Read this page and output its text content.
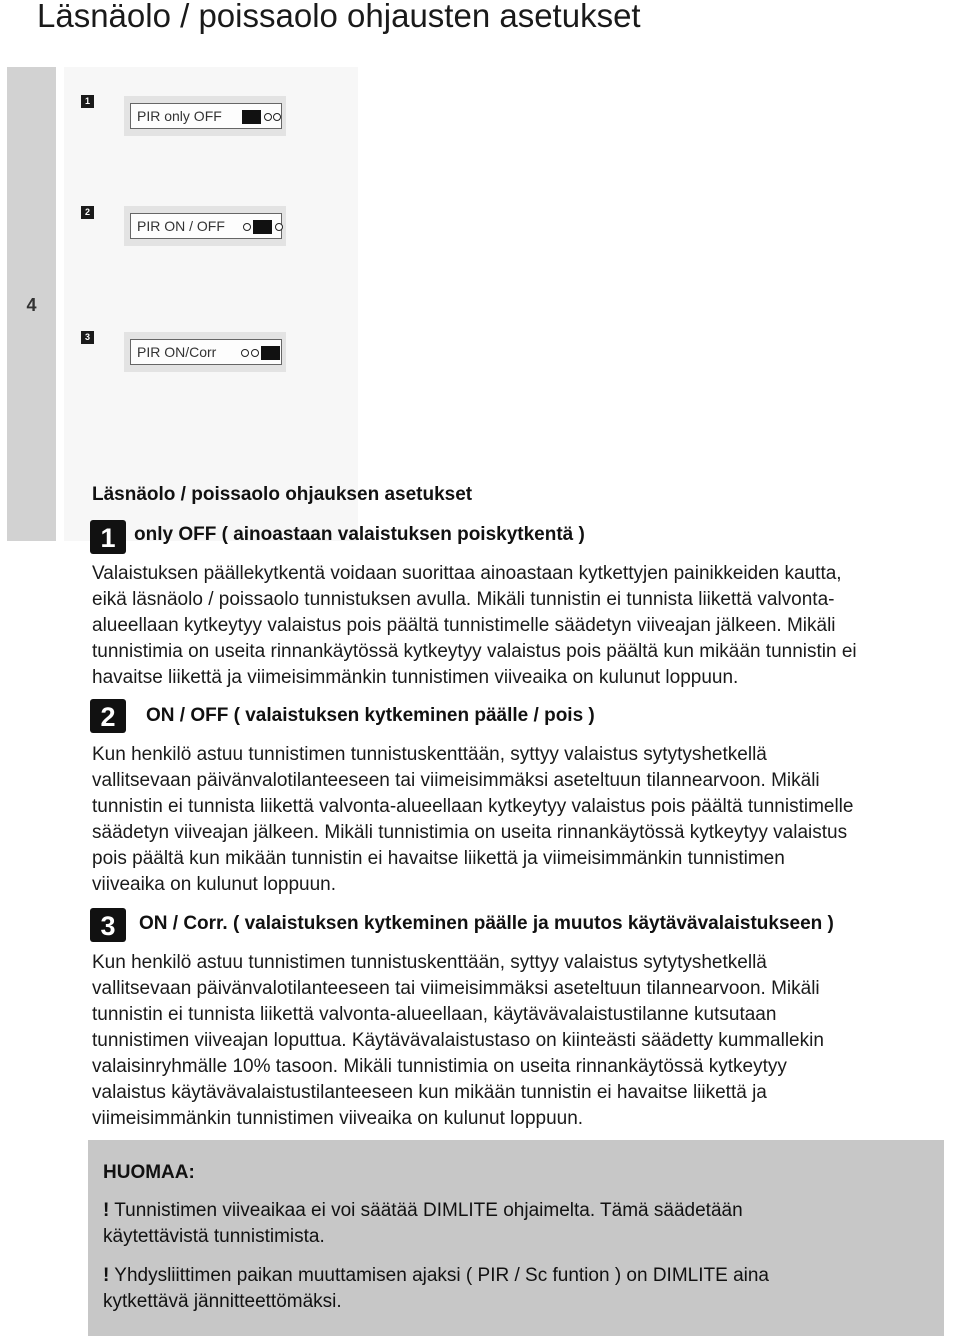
Läsnäolo / poissaolo ohjausten asetukset
4
1
PIR only OFF
2
PIR ON / OFF
3
PIR ON/Corr
Läsnäolo / poissaolo ohjauksen asetukset
1 only OFF ( ainoastaan valaistuksen poiskytkentä )
Valaistuksen päällekytkentä voidaan suorittaa ainoastaan kytkettyjen painikkeiden kautta,
eikä läsnäolo / poissaolo tunnistuksen avulla. Mikäli tunnistin ei tunnista liikettä valvonta-
alueellaan kytkeytyy valaistus pois päältä tunnistimelle säädetyn viiveajan jälkeen. Mikäli
tunnistimia on useita rinnankäytössä kytkeytyy valaistus pois päältä kun mikään tunnistin ei
havaitse liikettä ja viimeisimmänkin tunnistimen viiveaika on kulunut loppuun.
2	ON / OFF ( valaistuksen kytkeminen päälle / pois )
Kun henkilö astuu tunnistimen tunnistuskenttään, syttyy valaistus sytytyshetkellä
vallitsevaan päivänvalotilanteeseen tai viimeisimmäksi aseteltuun tilannearvoon. Mikäli
tunnistin ei tunnista liikettä valvonta-alueellaan kytkeytyy valaistus pois päältä tunnistimelle
säädetyn viiveajan jälkeen. Mikäli tunnistimia on useita rinnankäytössä kytkeytyy valaistus
pois päältä kun mikään tunnistin ei havaitse liikettä ja viimeisimmänkin tunnistimen
viiveaika on kulunut loppuun.
3	ON / Corr. ( valaistuksen kytkeminen päälle ja muutos käytävävalaistukseen )
Kun henkilö astuu tunnistimen tunnistuskenttään, syttyy valaistus sytytyshetkellä
vallitsevaan päivänvalotilanteeseen tai viimeisimmäksi aseteltuun tilannearvoon. Mikäli
tunnistin ei tunnista liikettä valvonta-alueellaan, käytävävalaistustilanne kutsutaan
tunnistimen viiveajan loputtua. Käytävävalaistustaso on kiinteästi säädetty kummallekin
valaisinryhmälle 10% tasoon. Mikäli tunnistimia on useita rinnankäytössä kytkeytyy
valaistus käytävävalaistustilanteeseen kun mikään tunnistin ei havaitse liikettä ja
viimeisimmänkin tunnistimen viiveaika on kulunut loppuun.
HUOMAA:
! Tunnistimen viiveaikaa ei voi säätää DIMLITE ohjaimelta. Tämä säädetään
käytettävistä tunnistimista.
! Yhdysliittimen paikan muuttamisen ajaksi ( PIR / Sc funtion ) on DIMLITE aina
kytkettävä jännitteettömäksi.
